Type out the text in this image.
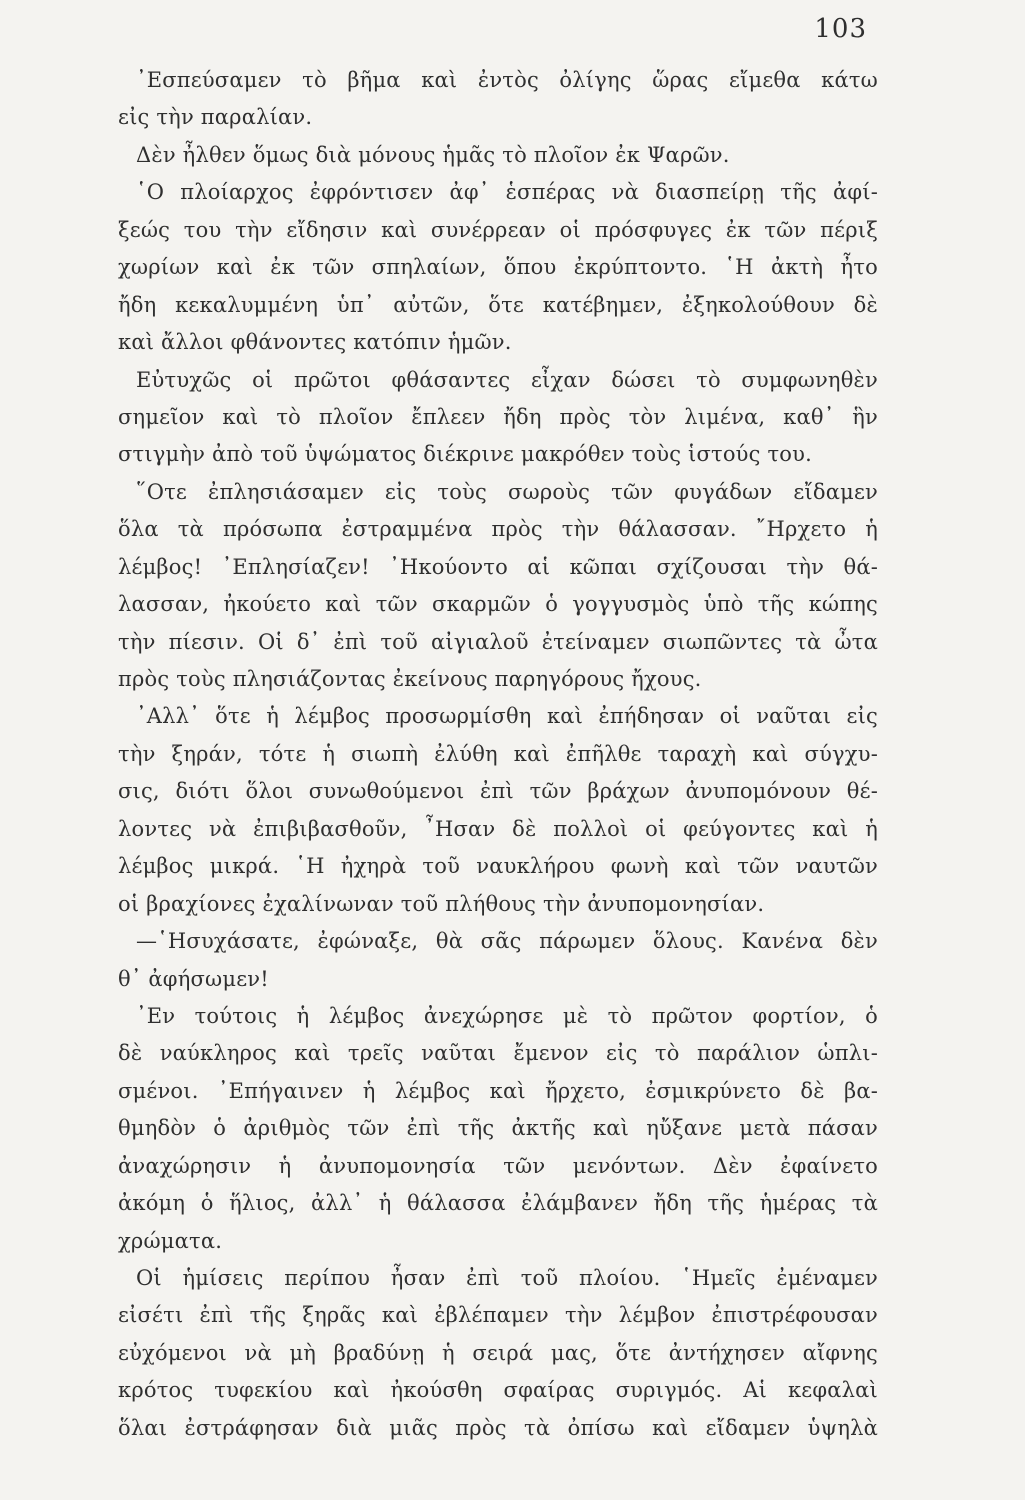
103
᾿Εσπεύσαμεν τὸ βῆμα καὶ ἐντὸς ὀλίγης ὥρας εἴμεθα κάτω
εἰς τὴν παραλίαν.
Δὲν ἦλθεν ὅμως διὰ μόνους ἡμᾶς τὸ πλοῖον ἐκ Ψαρῶν.
῾Ο πλοίαρχος ἐφρόντισεν ἀφ᾿ ἑσπέρας νὰ διασπείρῃ τῆς ἀφί-
ξεώς του τὴν εἴδησιν καὶ συνέρρεαν οἱ πρόσφυγες ἐκ τῶν πέριξ
χωρίων καὶ ἐκ τῶν σπηλαίων, ὅπου ἐκρύπτοντο. ῾Η ἀκτὴ ἦτο
ἤδη κεκαλυμμένη ὑπ᾿ αὐτῶν, ὅτε κατέβημεν, ἐξηκολούθουν δὲ
καὶ ἄλλοι φθάνοντες κατόπιν ἡμῶν.
Εὐτυχῶς οἱ πρῶτοι φθάσαντες εἶχαν δώσει τὸ συμφωνηθὲν
σημεῖον καὶ τὸ πλοῖον ἔπλεεν ἤδη πρὸς τὸν λιμένα, καθ᾿ ἣν
στιγμὴν ἀπὸ τοῦ ὑψώματος διέκρινε μακρόθεν τοὺς ἱστούς του.
῞Οτε ἐπλησιάσαμεν εἰς τοὺς σωροὺς τῶν φυγάδων εἴδαμεν
ὅλα τὰ πρόσωπα ἐστραμμένα πρὸς τὴν θάλασσαν. ῎Ηρχετο ἡ
λέμβος! ᾿Επλησίαζεν! ᾿Ηκούοντο αἱ κῶπαι σχίζουσαι τὴν θά-
λασσαν, ἠκούετο καὶ τῶν σκαρμῶν ὁ γογγυσμὸς ὑπὸ τῆς κώπης
τὴν πίεσιν. Οἱ δ᾿ ἐπὶ τοῦ αἰγιαλοῦ ἐτείναμεν σιωπῶντες τὰ ὦτα
πρὸς τοὺς πλησιάζοντας ἐκείνους παρηγόρους ἤχους.
᾿Αλλ᾿ ὅτε ἡ λέμβος προσωρμίσθη καὶ ἐπήδησαν οἱ ναῦται εἰς
τὴν ξηράν, τότε ἡ σιωπὴ ἐλύθη καὶ ἐπῆλθε ταραχὴ καὶ σύγχυ-
σις, διότι ὅλοι συνωθούμενοι ἐπὶ τῶν βράχων ἀνυπομόνουν θέ-
λοντες νὰ ἐπιβιβασθοῦν, ῏Ησαν δὲ πολλοὶ οἱ φεύγοντες καὶ ἡ
λέμβος μικρά. ῾Η ἠχηρὰ τοῦ ναυκλήρου φωνὴ καὶ τῶν ναυτῶν
οἱ βραχίονες ἐχαλίνωναν τοῦ πλήθους τὴν ἀνυπομονησίαν.
—῾Ησυχάσατε, ἐφώναξε, θὰ σᾶς πάρωμεν ὅλους. Κανένα δὲν
θ᾿ ἀφήσωμεν!
᾿Εν τούτοις ἡ λέμβος ἀνεχώρησε μὲ τὸ πρῶτον φορτίον, ὁ
δὲ ναύκληρος καὶ τρεῖς ναῦται ἔμενον εἰς τὸ παράλιον ὡπλι-
σμένοι. ᾿Επήγαινεν ἡ λέμβος καὶ ἤρχετο, ἐσμικρύνετο δὲ βα-
θμηδὸν ὁ ἀριθμὸς τῶν ἐπὶ τῆς ἀκτῆς καὶ ηὔξανε μετὰ πάσαν
ἀναχώρησιν ἡ ἀνυπομονησία τῶν μενόντων. Δὲν ἐφαίνετο
ἀκόμη ὁ ἥλιος, ἀλλ᾿ ἡ θάλασσα ἐλάμβανεν ἤδη τῆς ἡμέρας τὰ
χρώματα.
Οἱ ἡμίσεις περίπου ἦσαν ἐπὶ τοῦ πλοίου. ῾Ημεῖς ἐμέναμεν
εἰσέτι ἐπὶ τῆς ξηρᾶς καὶ ἐβλέπαμεν τὴν λέμβον ἐπιστρέφουσαν
εὐχόμενοι νὰ μὴ βραδύνῃ ἡ σειρά μας, ὅτε ἀντήχησεν αἴφνης
κρότος τυφεκίου καὶ ἠκούσθη σφαίρας συριγμός. Αἱ κεφαλαὶ
ὅλαι ἐστράφησαν διὰ μιᾶς πρὸς τὰ ὀπίσω καὶ εἴδαμεν ὑψηλὰ
